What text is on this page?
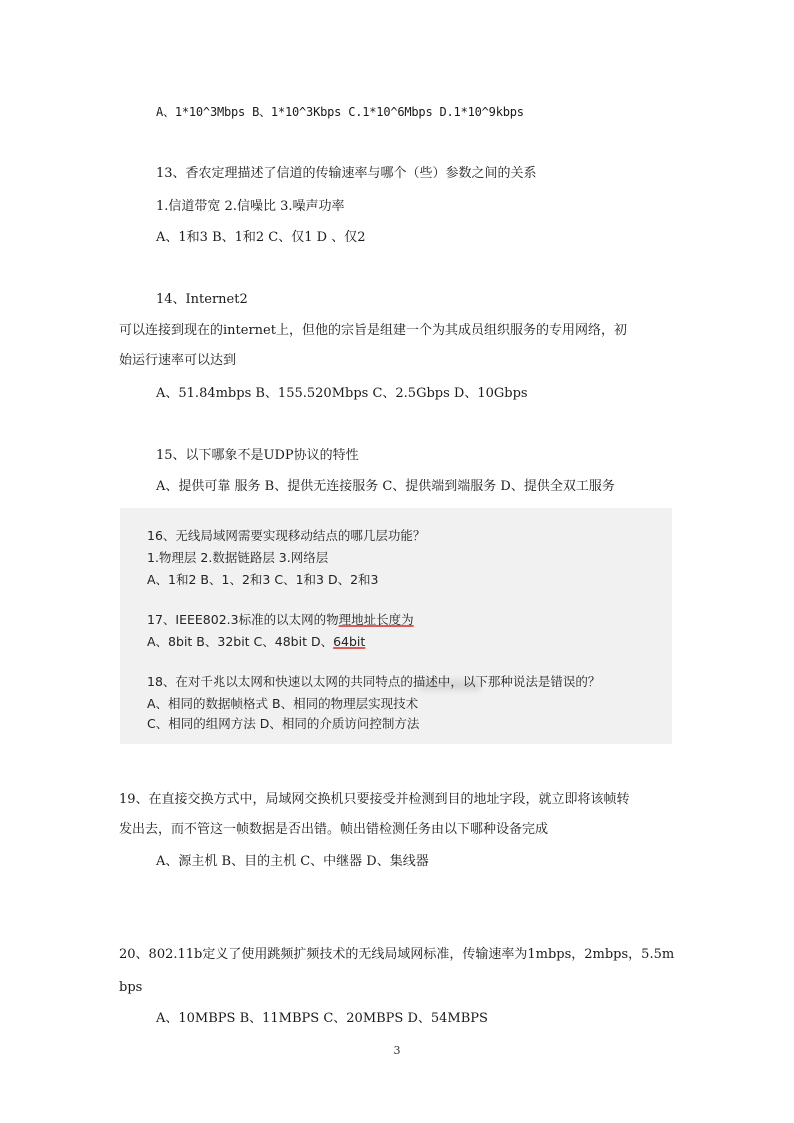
A、1*10^3Mbps B、1*10^3Kbps C.1*10^6Mbps D.1*10^9kbps
13、香农定理描述了信道的传输速率与哪个（些）参数之间的关系
1.信道带宽 2.信噪比 3.噪声功率
A、1和3 B、1和2 C、仅1 D 、仅2
14、Internet2
可以连接到现在的internet上，但他的宗旨是组建一个为其成员组织服务的专用网络，初
始运行速率可以达到
A、51.84mbps B、155.520Mbps C、2.5Gbps D、10Gbps
15、以下哪象不是UDP协议的特性
A、提供可靠 服务 B、提供无连接服务 C、提供端到端服务 D、提供全双工服务
16、无线局域网需要实现移动结点的哪几层功能？
1.物理层 2.数据链路层 3.网络层
A、1和2 B、1、2和3 C、1和3 D、2和3
17、IEEE802.3标准的以太网的物理地址长度为
A、8bit B、32bit C、48bit D、64bit
18、在对千兆以太网和快速以太网的共同特点的描述中，以下那种说法是错误的？
A、相同的数据帧格式 B、相同的物理层实现技术
C、相同的组网方法 D、相同的介质访问控制方法
19、在直接交换方式中，局域网交换机只要接受并检测到目的地址字段，就立即将该帧转
发出去，而不管这一帧数据是否出错。帧出错检测任务由以下哪种设备完成
A、源主机 B、目的主机 C、中继器 D、集线器
20、802.11b定义了使用跳频扩频技术的无线局域网标准，传输速率为1mbps，2mbps，5.5m
bps
A、10MBPS B、11MBPS C、20MBPS D、54MBPS
3
